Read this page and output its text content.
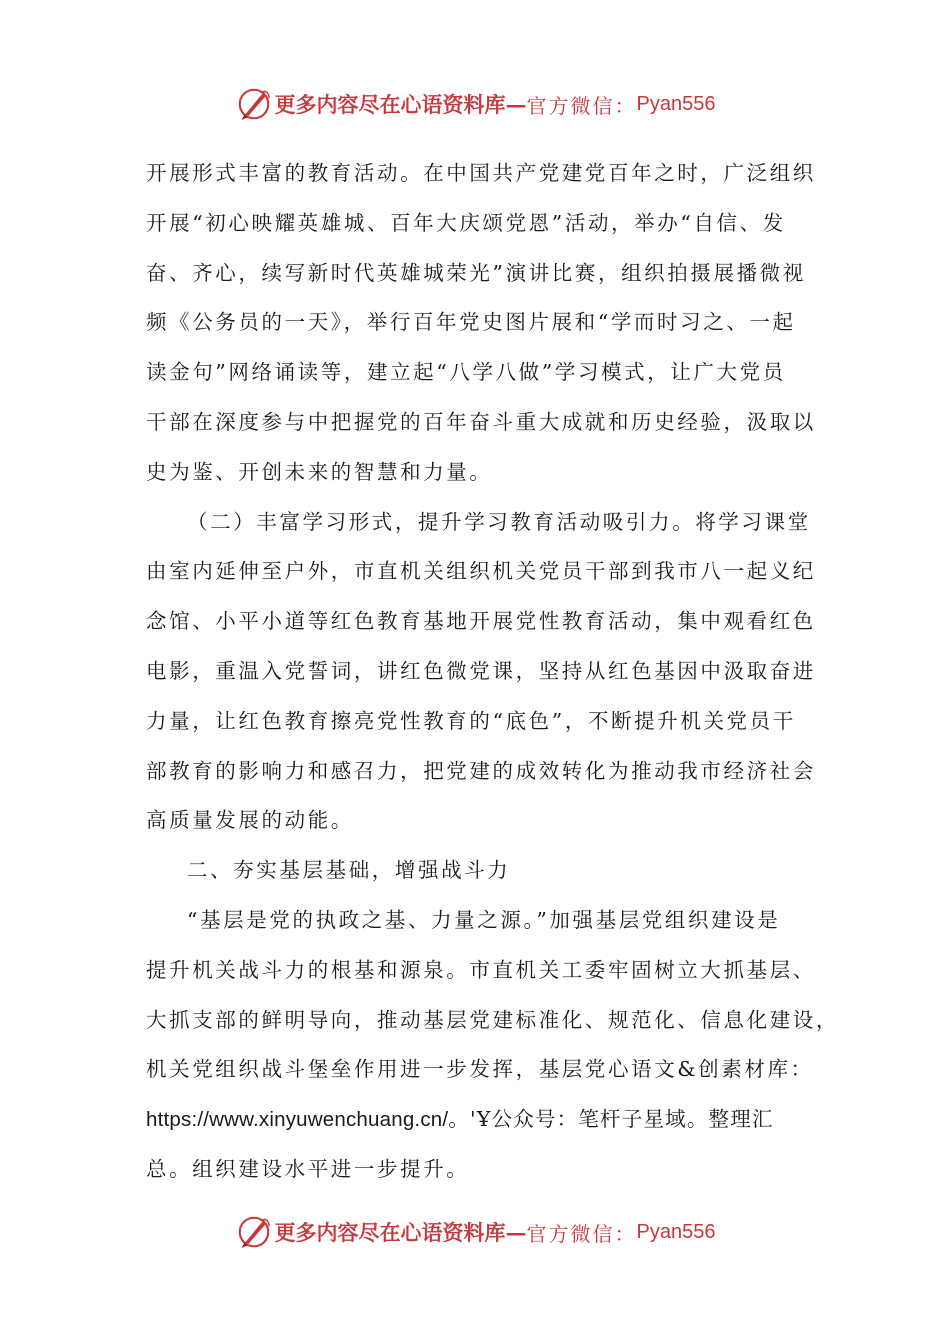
更多内容尽在心语资料库 — 官方微信： Pyan556
开展形式丰富的教育活动。在中国共产党建党百年之时，广泛组织
开展“初心映耀英雄城、百年大庆颂党恩”活动，举办“自信、发
奋、齐心，续写新时代英雄城荣光”演讲比赛，组织拍摄展播微视
频《公务员的一天》，举行百年党史图片展和“学而时习之、一起
读金句”网络诵读等，建立起“八学八做”学习模式，让广大党员
干部在深度参与中把握党的百年奋斗重大成就和历史经验，汲取以
史为鉴、开创未来的智慧和力量。
（二）丰富学习形式，提升学习教育活动吸引力。将学习课堂
由室内延伸至户外，市直机关组织机关党员干部到我市八一起义纪
念馆、小平小道等红色教育基地开展党性教育活动，集中观看红色
电影，重温入党誓词，讲红色微党课，坚持从红色基因中汲取奋进
力量，让红色教育擦亮党性教育的“底色”，不断提升机关党员干
部教育的影响力和感召力，把党建的成效转化为推动我市经济社会
高质量发展的动能。
二、夯实基层基础，增强战斗力
“基层是党的执政之基、力量之源。”加强基层党组织建设是
提升机关战斗力的根基和源泉。市直机关工委牢固树立大抓基层、
大抓支部的鲜明导向，推动基层党建标准化、规范化、信息化建设，
机关党组织战斗堡垒作用进一步发挥，基层党心语文&创素材库：
https://www.xinyuwenchuang.cn/。'Ұ公众号：笔杆子星域。整理汇
总。组织建设水平进一步提升。
更多内容尽在心语资料库 — 官方微信： Pyan556
